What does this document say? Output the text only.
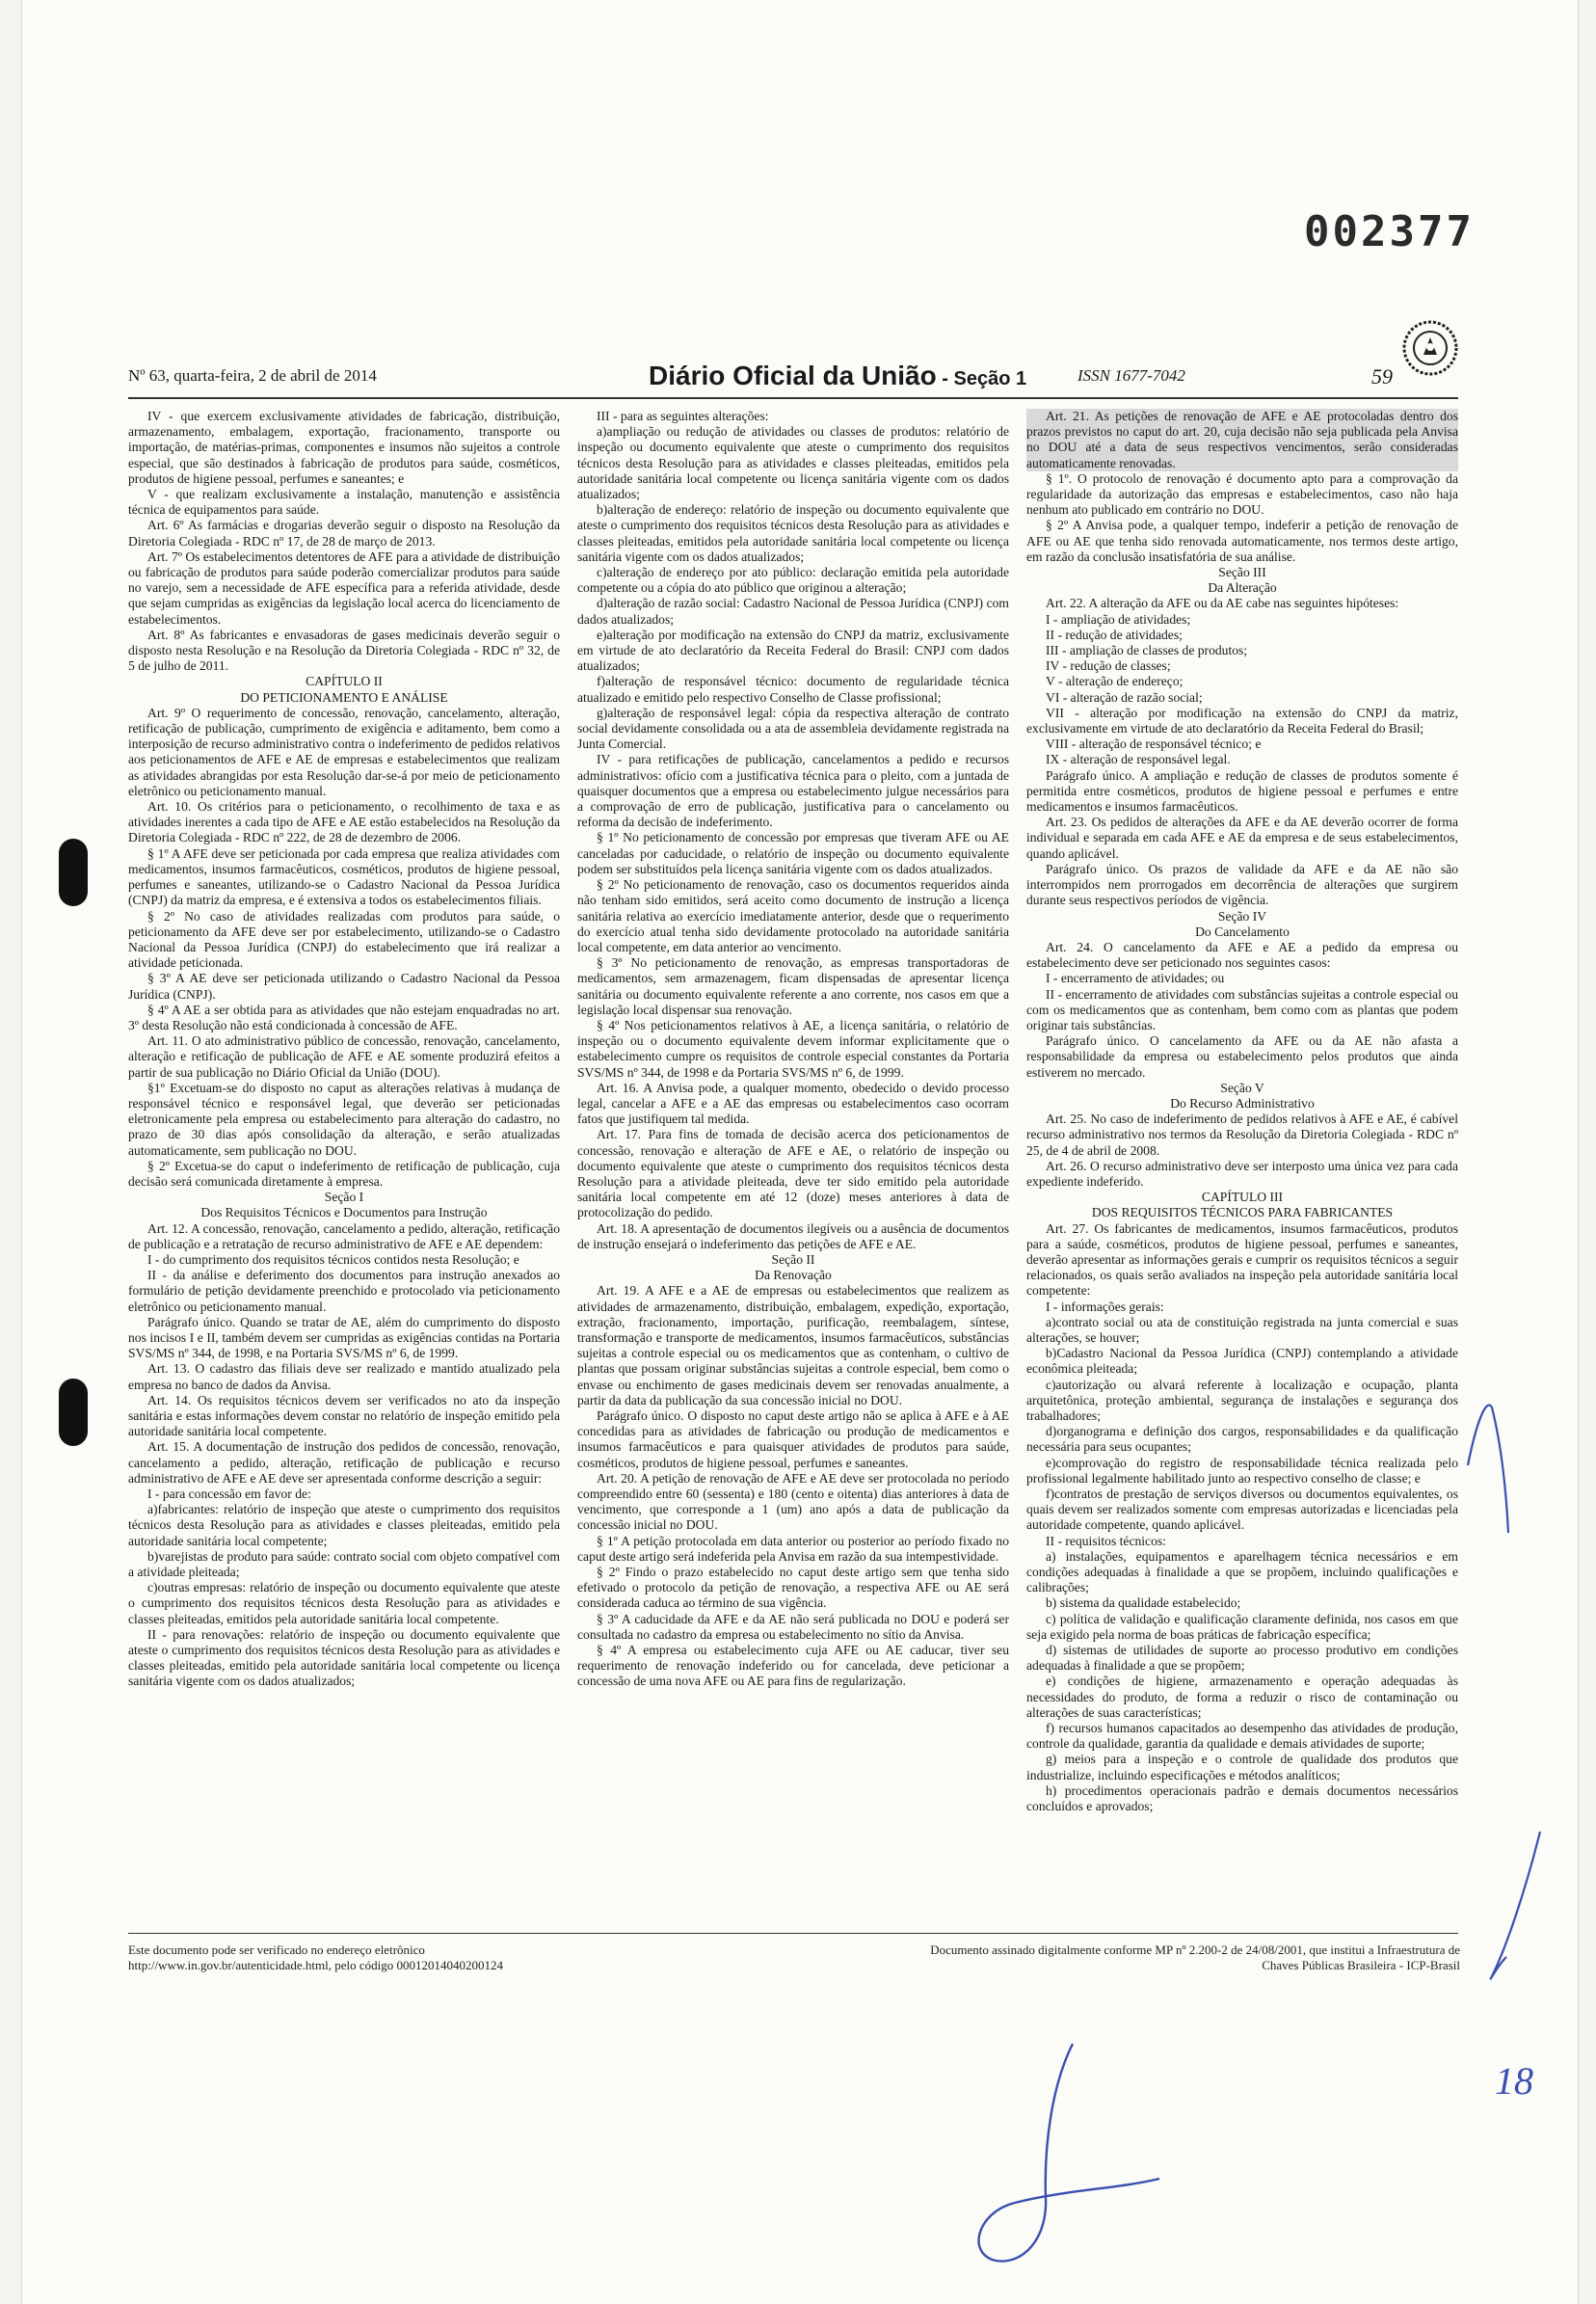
002377
Nº 63, quarta-feira, 2 de abril de 2014	Diário Oficial da União - Seção 1	ISSN 1677-7042	59

IV - que exercem exclusivamente atividades de fabricação, distribuição, armazenamento, embalagem, exportação, fracionamento, transporte ou importação, de matérias-primas, componentes e insumos não sujeitos a controle especial, que são destinados à fabricação de produtos para saúde, cosméticos, produtos de higiene pessoal, perfumes e saneantes; e

V - que realizam exclusivamente a instalação, manutenção e assistência técnica de equipamentos para saúde.

Art. 6º As farmácias e drogarias deverão seguir o disposto na Resolução da Diretoria Colegiada - RDC nº 17, de 28 de março de 2013.

Art. 7º Os estabelecimentos detentores de AFE para a atividade de distribuição ou fabricação de produtos para saúde poderão comercializar produtos para saúde no varejo, sem a necessidade de AFE específica para a referida atividade, desde que sejam cumpridas as exigências da legislação local acerca do licenciamento de estabelecimentos.

Art. 8º As fabricantes e envasadoras de gases medicinais deverão seguir o disposto nesta Resolução e na Resolução da Diretoria Colegiada - RDC nº 32, de 5 de julho de 2011.

CAPÍTULO II

DO PETICIONAMENTO E ANÁLISE

Art. 9º O requerimento de concessão, renovação, cancelamento, alteração, retificação de publicação, cumprimento de exigência e aditamento, bem como a interposição de recurso administrativo contra o indeferimento de pedidos relativos aos peticionamentos de AFE e AE de empresas e estabelecimentos que realizam as atividades abrangidas por esta Resolução dar-se-á por meio de peticionamento eletrônico ou peticionamento manual.

Art. 10. Os critérios para o peticionamento, o recolhimento de taxa e as atividades inerentes a cada tipo de AFE e AE estão estabelecidos na Resolução da Diretoria Colegiada - RDC nº 222, de 28 de dezembro de 2006.

§ 1º A AFE deve ser peticionada por cada empresa que realiza atividades com medicamentos, insumos farmacêuticos, cosméticos, produtos de higiene pessoal, perfumes e saneantes, utilizando-se o Cadastro Nacional da Pessoa Jurídica (CNPJ) da matriz da empresa, e é extensiva a todos os estabelecimentos filiais.

§ 2º No caso de atividades realizadas com produtos para saúde, o peticionamento da AFE deve ser por estabelecimento, utilizando-se o Cadastro Nacional da Pessoa Jurídica (CNPJ) do estabelecimento que irá realizar a atividade peticionada.

§ 3º A AE deve ser peticionada utilizando o Cadastro Nacional da Pessoa Jurídica (CNPJ).

§ 4º A AE a ser obtida para as atividades que não estejam enquadradas no art. 3º desta Resolução não está condicionada à concessão de AFE.

Art. 11. O ato administrativo público de concessão, renovação, cancelamento, alteração e retificação de publicação de AFE e AE somente produzirá efeitos a partir de sua publicação no Diário Oficial da União (DOU).

§1º Excetuam-se do disposto no caput as alterações relativas à mudança de responsável técnico e responsável legal, que deverão ser peticionadas eletronicamente pela empresa ou estabelecimento para alteração do cadastro, no prazo de 30 dias após consolidação da alteração, e serão atualizadas automaticamente, sem publicação no DOU.

§ 2º Excetua-se do caput o indeferimento de retificação de publicação, cuja decisão será comunicada diretamente à empresa.

Seção I

Dos Requisitos Técnicos e Documentos para Instrução

Art. 12. A concessão, renovação, cancelamento a pedido, alteração, retificação de publicação e a retratação de recurso administrativo de AFE e AE dependem:

I - do cumprimento dos requisitos técnicos contidos nesta Resolução; e

II - da análise e deferimento dos documentos para instrução anexados ao formulário de petição devidamente preenchido e protocolado via peticionamento eletrônico ou peticionamento manual.

Parágrafo único. Quando se tratar de AE, além do cumprimento do disposto nos incisos I e II, também devem ser cumpridas as exigências contidas na Portaria SVS/MS nº 344, de 1998, e na Portaria SVS/MS nº 6, de 1999.

Art. 13. O cadastro das filiais deve ser realizado e mantido atualizado pela empresa no banco de dados da Anvisa.

Art. 14. Os requisitos técnicos devem ser verificados no ato da inspeção sanitária e estas informações devem constar no relatório de inspeção emitido pela autoridade sanitária local competente.

Art. 15. A documentação de instrução dos pedidos de concessão, renovação, cancelamento a pedido, alteração, retificação de publicação e recurso administrativo de AFE e AE deve ser apresentada conforme descrição a seguir:

I - para concessão em favor de:

a)fabricantes: relatório de inspeção que ateste o cumprimento dos requisitos técnicos desta Resolução para as atividades e classes pleiteadas, emitido pela autoridade sanitária local competente;

b)varejistas de produto para saúde: contrato social com objeto compatível com a atividade pleiteada;

c)outras empresas: relatório de inspeção ou documento equivalente que ateste o cumprimento dos requisitos técnicos desta Resolução para as atividades e classes pleiteadas, emitidos pela autoridade sanitária local competente.

II - para renovações: relatório de inspeção ou documento equivalente que ateste o cumprimento dos requisitos técnicos desta Resolução para as atividades e classes pleiteadas, emitido pela autoridade sanitária local competente ou licença sanitária vigente com os dados atualizados;

III - para as seguintes alterações:

a)ampliação ou redução de atividades ou classes de produtos: relatório de inspeção ou documento equivalente que ateste o cumprimento dos requisitos técnicos desta Resolução para as atividades e classes pleiteadas, emitidos pela autoridade sanitária local competente ou licença sanitária vigente com os dados atualizados;

b)alteração de endereço: relatório de inspeção ou documento equivalente que ateste o cumprimento dos requisitos técnicos desta Resolução para as atividades e classes pleiteadas, emitidos pela autoridade sanitária local competente ou licença sanitária vigente com os dados atualizados;

c)alteração de endereço por ato público: declaração emitida pela autoridade competente ou a cópia do ato público que originou a alteração;

d)alteração de razão social: Cadastro Nacional de Pessoa Jurídica (CNPJ) com dados atualizados;

e)alteração por modificação na extensão do CNPJ da matriz, exclusivamente em virtude de ato declaratório da Receita Federal do Brasil: CNPJ com dados atualizados;

f)alteração de responsável técnico: documento de regularidade técnica atualizado e emitido pelo respectivo Conselho de Classe profissional;

g)alteração de responsável legal: cópia da respectiva alteração de contrato social devidamente consolidada ou a ata de assembleia devidamente registrada na Junta Comercial.

IV - para retificações de publicação, cancelamentos a pedido e recursos administrativos: ofício com a justificativa técnica para o pleito, com a juntada de quaisquer documentos que a empresa ou estabelecimento julgue necessários para a comprovação de erro de publicação, justificativa para o cancelamento ou reforma da decisão de indeferimento.

§ 1º No peticionamento de concessão por empresas que tiveram AFE ou AE canceladas por caducidade, o relatório de inspeção ou documento equivalente podem ser substituídos pela licença sanitária vigente com os dados atualizados.

§ 2º No peticionamento de renovação, caso os documentos requeridos ainda não tenham sido emitidos, será aceito como documento de instrução a licença sanitária relativa ao exercício imediatamente anterior, desde que o requerimento do exercício atual tenha sido devidamente protocolado na autoridade sanitária local competente, em data anterior ao vencimento.

§ 3º No peticionamento de renovação, as empresas transportadoras de medicamentos, sem armazenagem, ficam dispensadas de apresentar licença sanitária ou documento equivalente referente a ano corrente, nos casos em que a legislação local dispensar sua renovação.

§ 4º Nos peticionamentos relativos à AE, a licença sanitária, o relatório de inspeção ou o documento equivalente devem informar explicitamente que o estabelecimento cumpre os requisitos de controle especial constantes da Portaria SVS/MS nº 344, de 1998 e da Portaria SVS/MS nº 6, de 1999.

Art. 16. A Anvisa pode, a qualquer momento, obedecido o devido processo legal, cancelar a AFE e a AE das empresas ou estabelecimentos caso ocorram fatos que justifiquem tal medida.

Art. 17. Para fins de tomada de decisão acerca dos peticionamentos de concessão, renovação e alteração de AFE e AE, o relatório de inspeção ou documento equivalente que ateste o cumprimento dos requisitos técnicos desta Resolução para a atividade pleiteada, deve ter sido emitido pela autoridade sanitária local competente em até 12 (doze) meses anteriores à data de protocolização do pedido.

Art. 18. A apresentação de documentos ilegíveis ou a ausência de documentos de instrução ensejará o indeferimento das petições de AFE e AE.

Seção II

Da Renovação

Art. 19. A AFE e a AE de empresas ou estabelecimentos que realizem as atividades de armazenamento, distribuição, embalagem, expedição, exportação, extração, fracionamento, importação, purificação, reembalagem, síntese, transformação e transporte de medicamentos, insumos farmacêuticos, substâncias sujeitas a controle especial ou os medicamentos que as contenham, o cultivo de plantas que possam originar substâncias sujeitas a controle especial, bem como o envase ou enchimento de gases medicinais devem ser renovadas anualmente, a partir da data da publicação da sua concessão inicial no DOU.

Parágrafo único. O disposto no caput deste artigo não se aplica à AFE e à AE concedidas para as atividades de fabricação ou produção de medicamentos e insumos farmacêuticos e para quaisquer atividades de produtos para saúde, cosméticos, produtos de higiene pessoal, perfumes e saneantes.

Art. 20. A petição de renovação de AFE e AE deve ser protocolada no período compreendido entre 60 (sessenta) e 180 (cento e oitenta) dias anteriores à data de vencimento, que corresponde a 1 (um) ano após a data de publicação da concessão inicial no DOU.

§ 1º A petição protocolada em data anterior ou posterior ao período fixado no caput deste artigo será indeferida pela Anvisa em razão da sua intempestividade.

§ 2º Findo o prazo estabelecido no caput deste artigo sem que tenha sido efetivado o protocolo da petição de renovação, a respectiva AFE ou AE será considerada caduca ao término de sua vigência.

§ 3º A caducidade da AFE e da AE não será publicada no DOU e poderá ser consultada no cadastro da empresa ou estabelecimento no sítio da Anvisa.

§ 4º A empresa ou estabelecimento cuja AFE ou AE caducar, tiver seu requerimento de renovação indeferido ou for cancelada, deve peticionar a concessão de uma nova AFE ou AE para fins de regularização.

Art. 21. As petições de renovação de AFE e AE protocoladas dentro dos prazos previstos no caput do art. 20, cuja decisão não seja publicada pela Anvisa no DOU até a data de seus respectivos vencimentos, serão consideradas automaticamente renovadas.

§ 1º. O protocolo de renovação é documento apto para a comprovação da regularidade da autorização das empresas e estabelecimentos, caso não haja nenhum ato publicado em contrário no DOU.

§ 2º A Anvisa pode, a qualquer tempo, indeferir a petição de renovação de AFE ou AE que tenha sido renovada automaticamente, nos termos deste artigo, em razão da conclusão insatisfatória de sua análise.

Seção III

Da Alteração

Art. 22. A alteração da AFE ou da AE cabe nas seguintes hipóteses:

I - ampliação de atividades;

II - redução de atividades;

III - ampliação de classes de produtos;

IV - redução de classes;

V - alteração de endereço;

VI - alteração de razão social;

VII - alteração por modificação na extensão do CNPJ da matriz, exclusivamente em virtude de ato declaratório da Receita Federal do Brasil;

VIII - alteração de responsável técnico; e

IX - alteração de responsável legal.

Parágrafo único. A ampliação e redução de classes de produtos somente é permitida entre cosméticos, produtos de higiene pessoal e perfumes e entre medicamentos e insumos farmacêuticos.

Art. 23. Os pedidos de alterações da AFE e da AE deverão ocorrer de forma individual e separada em cada AFE e AE da empresa e de seus estabelecimentos, quando aplicável.

Parágrafo único. Os prazos de validade da AFE e da AE não são interrompidos nem prorrogados em decorrência de alterações que surgirem durante seus respectivos períodos de vigência.

Seção IV

Do Cancelamento

Art. 24. O cancelamento da AFE e AE a pedido da empresa ou estabelecimento deve ser peticionado nos seguintes casos:

I - encerramento de atividades; ou

II - encerramento de atividades com substâncias sujeitas a controle especial ou com os medicamentos que as contenham, bem como com as plantas que podem originar tais substâncias.

Parágrafo único. O cancelamento da AFE ou da AE não afasta a responsabilidade da empresa ou estabelecimento pelos produtos que ainda estiverem no mercado.

Seção V

Do Recurso Administrativo

Art. 25. No caso de indeferimento de pedidos relativos à AFE e AE, é cabível recurso administrativo nos termos da Resolução da Diretoria Colegiada - RDC nº 25, de 4 de abril de 2008.

Art. 26. O recurso administrativo deve ser interposto uma única vez para cada expediente indeferido.

CAPÍTULO III

DOS REQUISITOS TÉCNICOS PARA FABRICANTES

Art. 27. Os fabricantes de medicamentos, insumos farmacêuticos, produtos para a saúde, cosméticos, produtos de higiene pessoal, perfumes e saneantes, deverão apresentar as informações gerais e cumprir os requisitos técnicos a seguir relacionados, os quais serão avaliados na inspeção pela autoridade sanitária local competente:

I - informações gerais:

a)contrato social ou ata de constituição registrada na junta comercial e suas alterações, se houver;

b)Cadastro Nacional da Pessoa Jurídica (CNPJ) contemplando a atividade econômica pleiteada;

c)autorização ou alvará referente à localização e ocupação, planta arquitetônica, proteção ambiental, segurança de instalações e segurança dos trabalhadores;

d)organograma e definição dos cargos, responsabilidades e da qualificação necessária para seus ocupantes;

e)comprovação do registro de responsabilidade técnica realizada pelo profissional legalmente habilitado junto ao respectivo conselho de classe; e

f)contratos de prestação de serviços diversos ou documentos equivalentes, os quais devem ser realizados somente com empresas autorizadas e licenciadas pela autoridade competente, quando aplicável.

II - requisitos técnicos:

a) instalações, equipamentos e aparelhagem técnica necessários e em condições adequadas à finalidade a que se propõem, incluindo qualificações e calibrações;

b) sistema da qualidade estabelecido;

c) política de validação e qualificação claramente definida, nos casos em que seja exigido pela norma de boas práticas de fabricação específica;

d) sistemas de utilidades de suporte ao processo produtivo em condições adequadas à finalidade a que se propõem;

e) condições de higiene, armazenamento e operação adequadas às necessidades do produto, de forma a reduzir o risco de contaminação ou alterações de suas características;

f) recursos humanos capacitados ao desempenho das atividades de produção, controle da qualidade, garantia da qualidade e demais atividades de suporte;

g) meios para a inspeção e o controle de qualidade dos produtos que industrialize, incluindo especificações e métodos analíticos;

h) procedimentos operacionais padrão e demais documentos necessários concluídos e aprovados;

Este documento pode ser verificado no endereço eletrônico http://www.in.gov.br/autenticidade.html, pelo código 00012014040200124
Documento assinado digitalmente conforme MP nº 2.200-2 de 24/08/2001, que institui a Infraestrutura de Chaves Públicas Brasileira - ICP-Brasil
18
